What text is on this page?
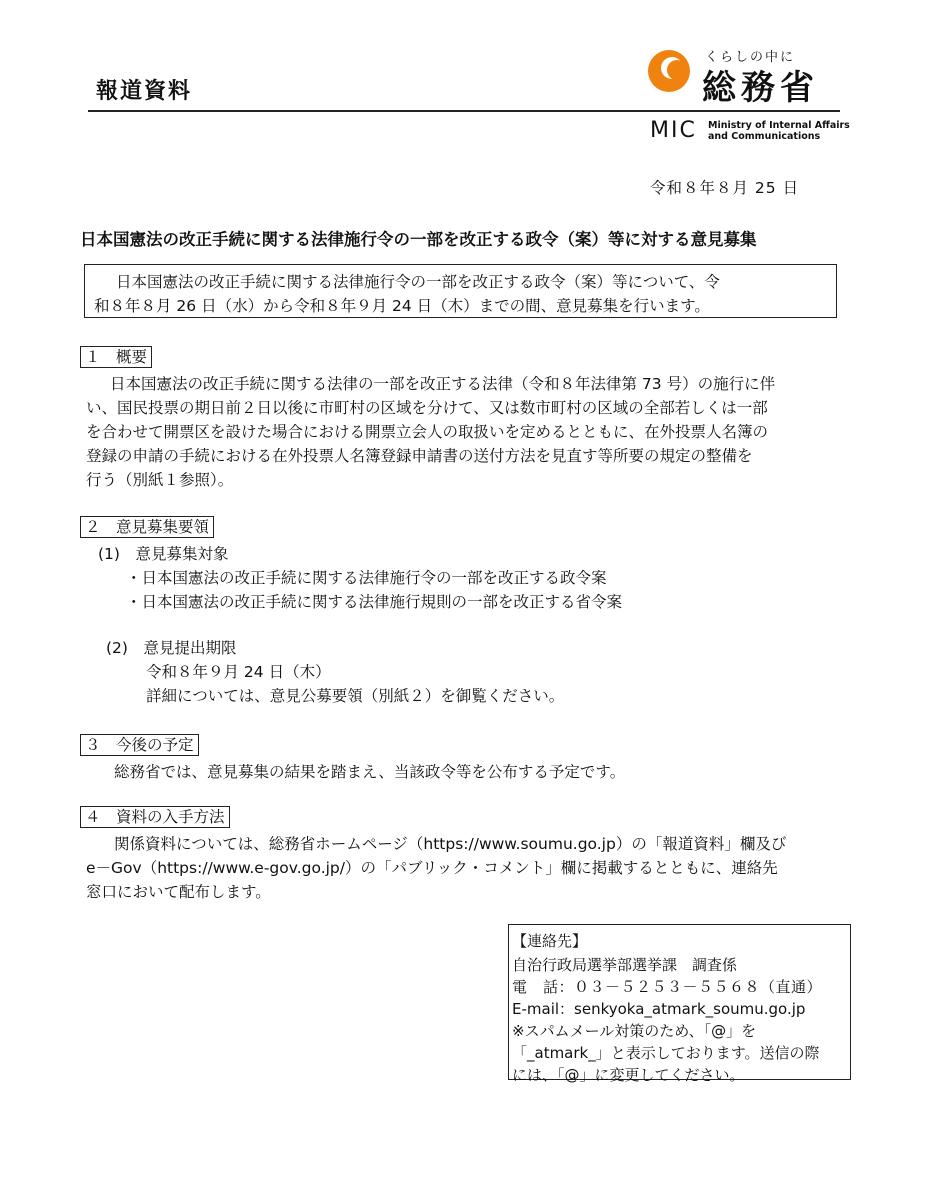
報道資料
くらしの中に
総務省
MIC Ministry of Internal Affairs
and Communications
令和８年８月 25 日
日本国憲法の改正手続に関する法律施行令の一部を改正する政令（案）等に対する意見募集
日本国憲法の改正手続に関する法律施行令の一部を改正する政令（案）等について、令
和８年８月 26 日（水）から令和８年９月 24 日（木）までの間、意見募集を行います。
１　概要
日本国憲法の改正手続に関する法律の一部を改正する法律（令和８年法律第 73 号）の施行に伴
い、国民投票の期日前２日以後に市町村の区域を分けて、又は数市町村の区域の全部若しくは一部
を合わせて開票区を設けた場合における開票立会人の取扱いを定めるとともに、在外投票人名簿の
登録の申請の手続における在外投票人名簿登録申請書の送付方法を見直す等所要の規定の整備を
行う（別紙１参照）。
２　意見募集要領
(1)　意見募集対象
・日本国憲法の改正手続に関する法律施行令の一部を改正する政令案
・日本国憲法の改正手続に関する法律施行規則の一部を改正する省令案
(2)　意見提出期限
令和８年９月 24 日（木）
詳細については、意見公募要領（別紙２）を御覧ください。
３　今後の予定
総務省では、意見募集の結果を踏まえ、当該政令等を公布する予定です。
４　資料の入手方法
関係資料については、総務省ホームページ（https://www.soumu.go.jp）の「報道資料」欄及び
e－Gov（https://www.e-gov.go.jp/）の「パブリック・コメント」欄に掲載するとともに、連絡先
窓口において配布します。
【連絡先】
自治行政局選挙部選挙課　調査係
電　話：０３－５２５３－５５６８（直通）
E-mail：senkyoka_atmark_soumu.go.jp
※スパムメール対策のため、「@」を
「_atmark_」と表示しております。送信の際
には、「@」に変更してください。
